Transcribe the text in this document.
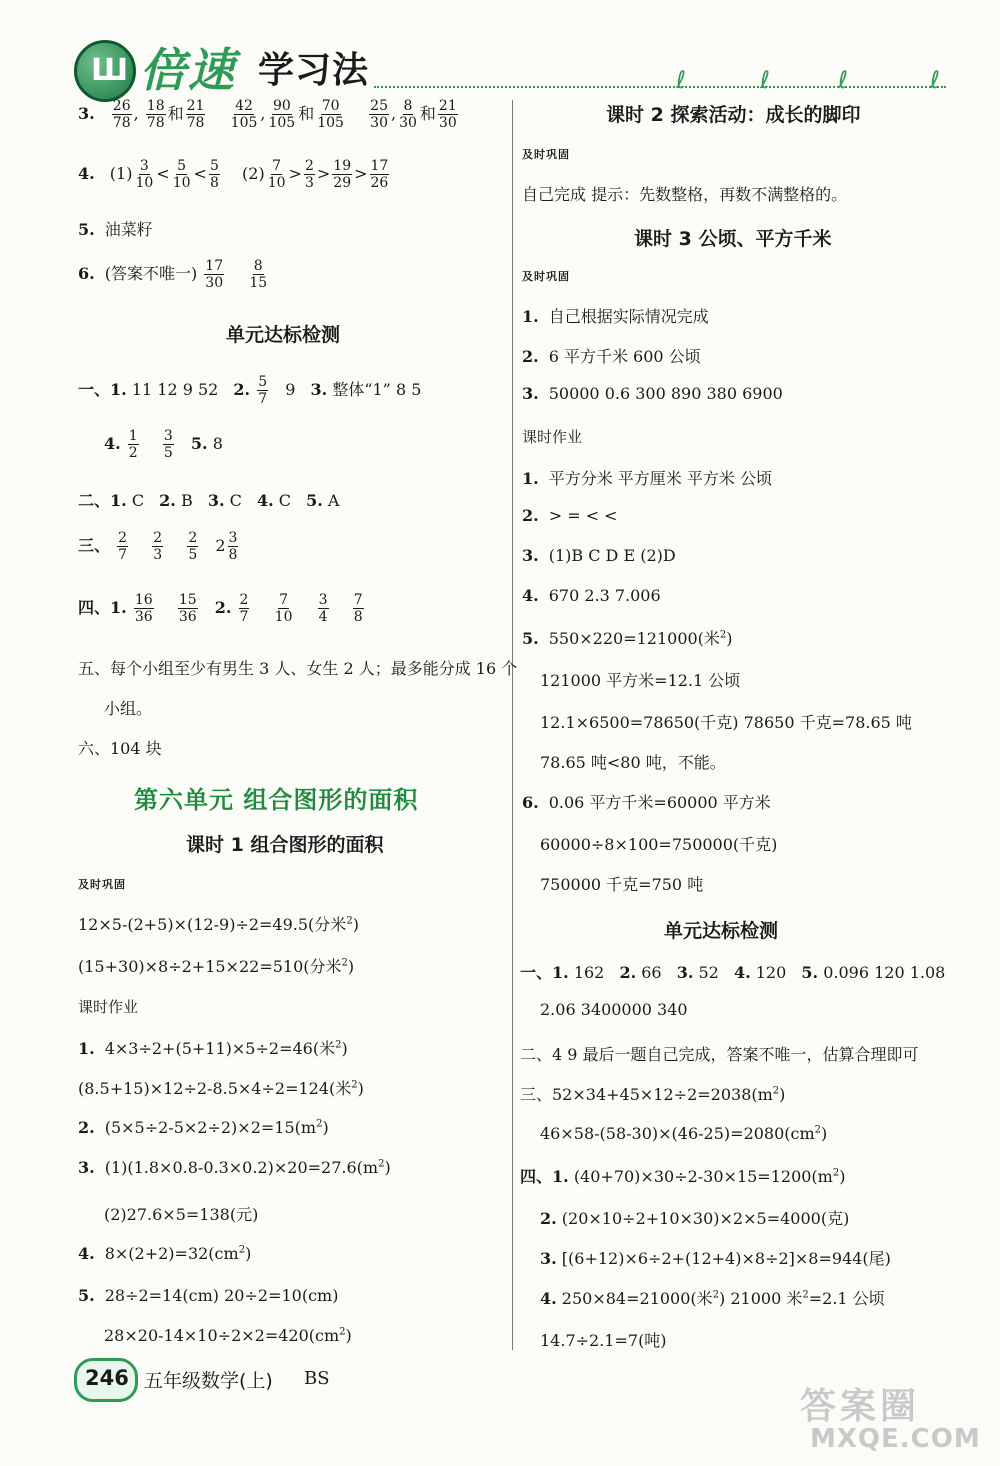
Ш 倍速 学习法	ℓ	ℓ	ℓ	ℓ
3. $\frac{26}{78}$ , $\frac{18}{78}$ 和 $\frac{21}{78}$
$\frac{42}{105}$ , $\frac{90}{105}$ 和 $\frac{70}{105}$
$\frac{25}{30}$ , $\frac{8}{30}$ 和 $\frac{21}{30}$
4. $(1) \frac{3}{10} < \frac{5}{10} < \frac{5}{8} (2) \frac{7}{10} > \frac{2}{3} > \frac{19}{29} > \frac{17}{26}$
5. 油菜籽
6. (答案不唯一) $\frac{17}{30}$
$\frac{8}{15}$
单元达标检测
一、1. 11 12 9 52 2. $\frac{5}{7} 9$ 3. 整体“1” 8 5
4. $\frac{1}{2}$
$\frac{3}{5} 5$. 8
二、1. C 2. B 3. C 4. C 5. A
三、 $\frac{2}{7}$
$\frac{2}{3}$
$\frac{2}{5} 2 \frac{3}{8}$
四、1. $\frac{16}{36}$
$\frac{15}{36} 2$. $\frac{2}{7}$
$\frac{7}{10}$
$\frac{3}{4}$
$\frac{7}{8}$
五、每个小组至少有男生 3 人、女生 2 人；最多能分成 16 个
小组。
六、104 块
第六单元 组合图形的面积
课时 1 组合图形的面积
及时巩固
12×5-(2+5)×(12-9)÷2=49.5(分米$^2$)
(15+30)×8÷2+15×22=510(分米$^2$)
课时作业
1. 4×3÷2+(5+11)×5÷2=46(米$^2$)
(8.5+15)×12÷2-8.5×4÷2=124(米$^2$)
2. $(5\times 5\div 2-5\times 2\div 2)\times 2=15(m^2)$
3. $(1)(1.8\times 0.8-0.3\times 0.2)\times 20=27.6(m^2)$
(2)27.6×5=138(元)
4. $8\times(2+2)=32(cm^2)$
5. 28÷2=14(cm) 20÷2=10(cm)
$28\times 20-14\times 10\div 2\times 2=420(cm^2)$
课时 2 探索活动：成长的脚印
及时巩固
自己完成 提示：先数整格，再数不满整格的。
课时 3 公顷、平方千米
及时巩固
1. 自己根据实际情况完成
2. 6 平方千米 600 公顷
3. 50000 0.6 300 890 380 6900
课时作业
1. 平方分米 平方厘米 平方米 公顷
2. > = < <
3. (1)B C D E (2)D
4. 670 2.3 7.006
5. 550×220=121000(米$^2$)
121000 平方米=12.1 公顷
12.1×6500=78650(千克) 78650 千克=78.65 吨
78.65 吨<80 吨，不能。
6. 0.06 平方千米=60000 平方米
60000÷8×100=750000(千克)
750000 千克=750 吨
单元达标检测
一、1. 162 2. 66 3. 52 4. 120 5. 0.096 120 1.08
2.06 3400000 340
二、4 9 最后一题自己完成，答案不唯一，估算合理即可
三、$52\times 34+45\times 12\div 2=2038(m^2)$
$46\times 58-(58-30)\times(46-25)=2080(cm^2)$
四、1. $(40+70)\times 30\div 2-30\times 15=1200(m^2)$
2. (20×10÷2+10×30)×2×5=4000(克)
3. [(6+12)×6÷2+(12+4)×8÷2]×8=944(尾)
4. 250×84=21000(米$^2$) 21000 米$^2$=2.1 公顷
14.7÷2.1=7(吨)
246 五年级数学(上) BS
答案圈
MXQE.COM
